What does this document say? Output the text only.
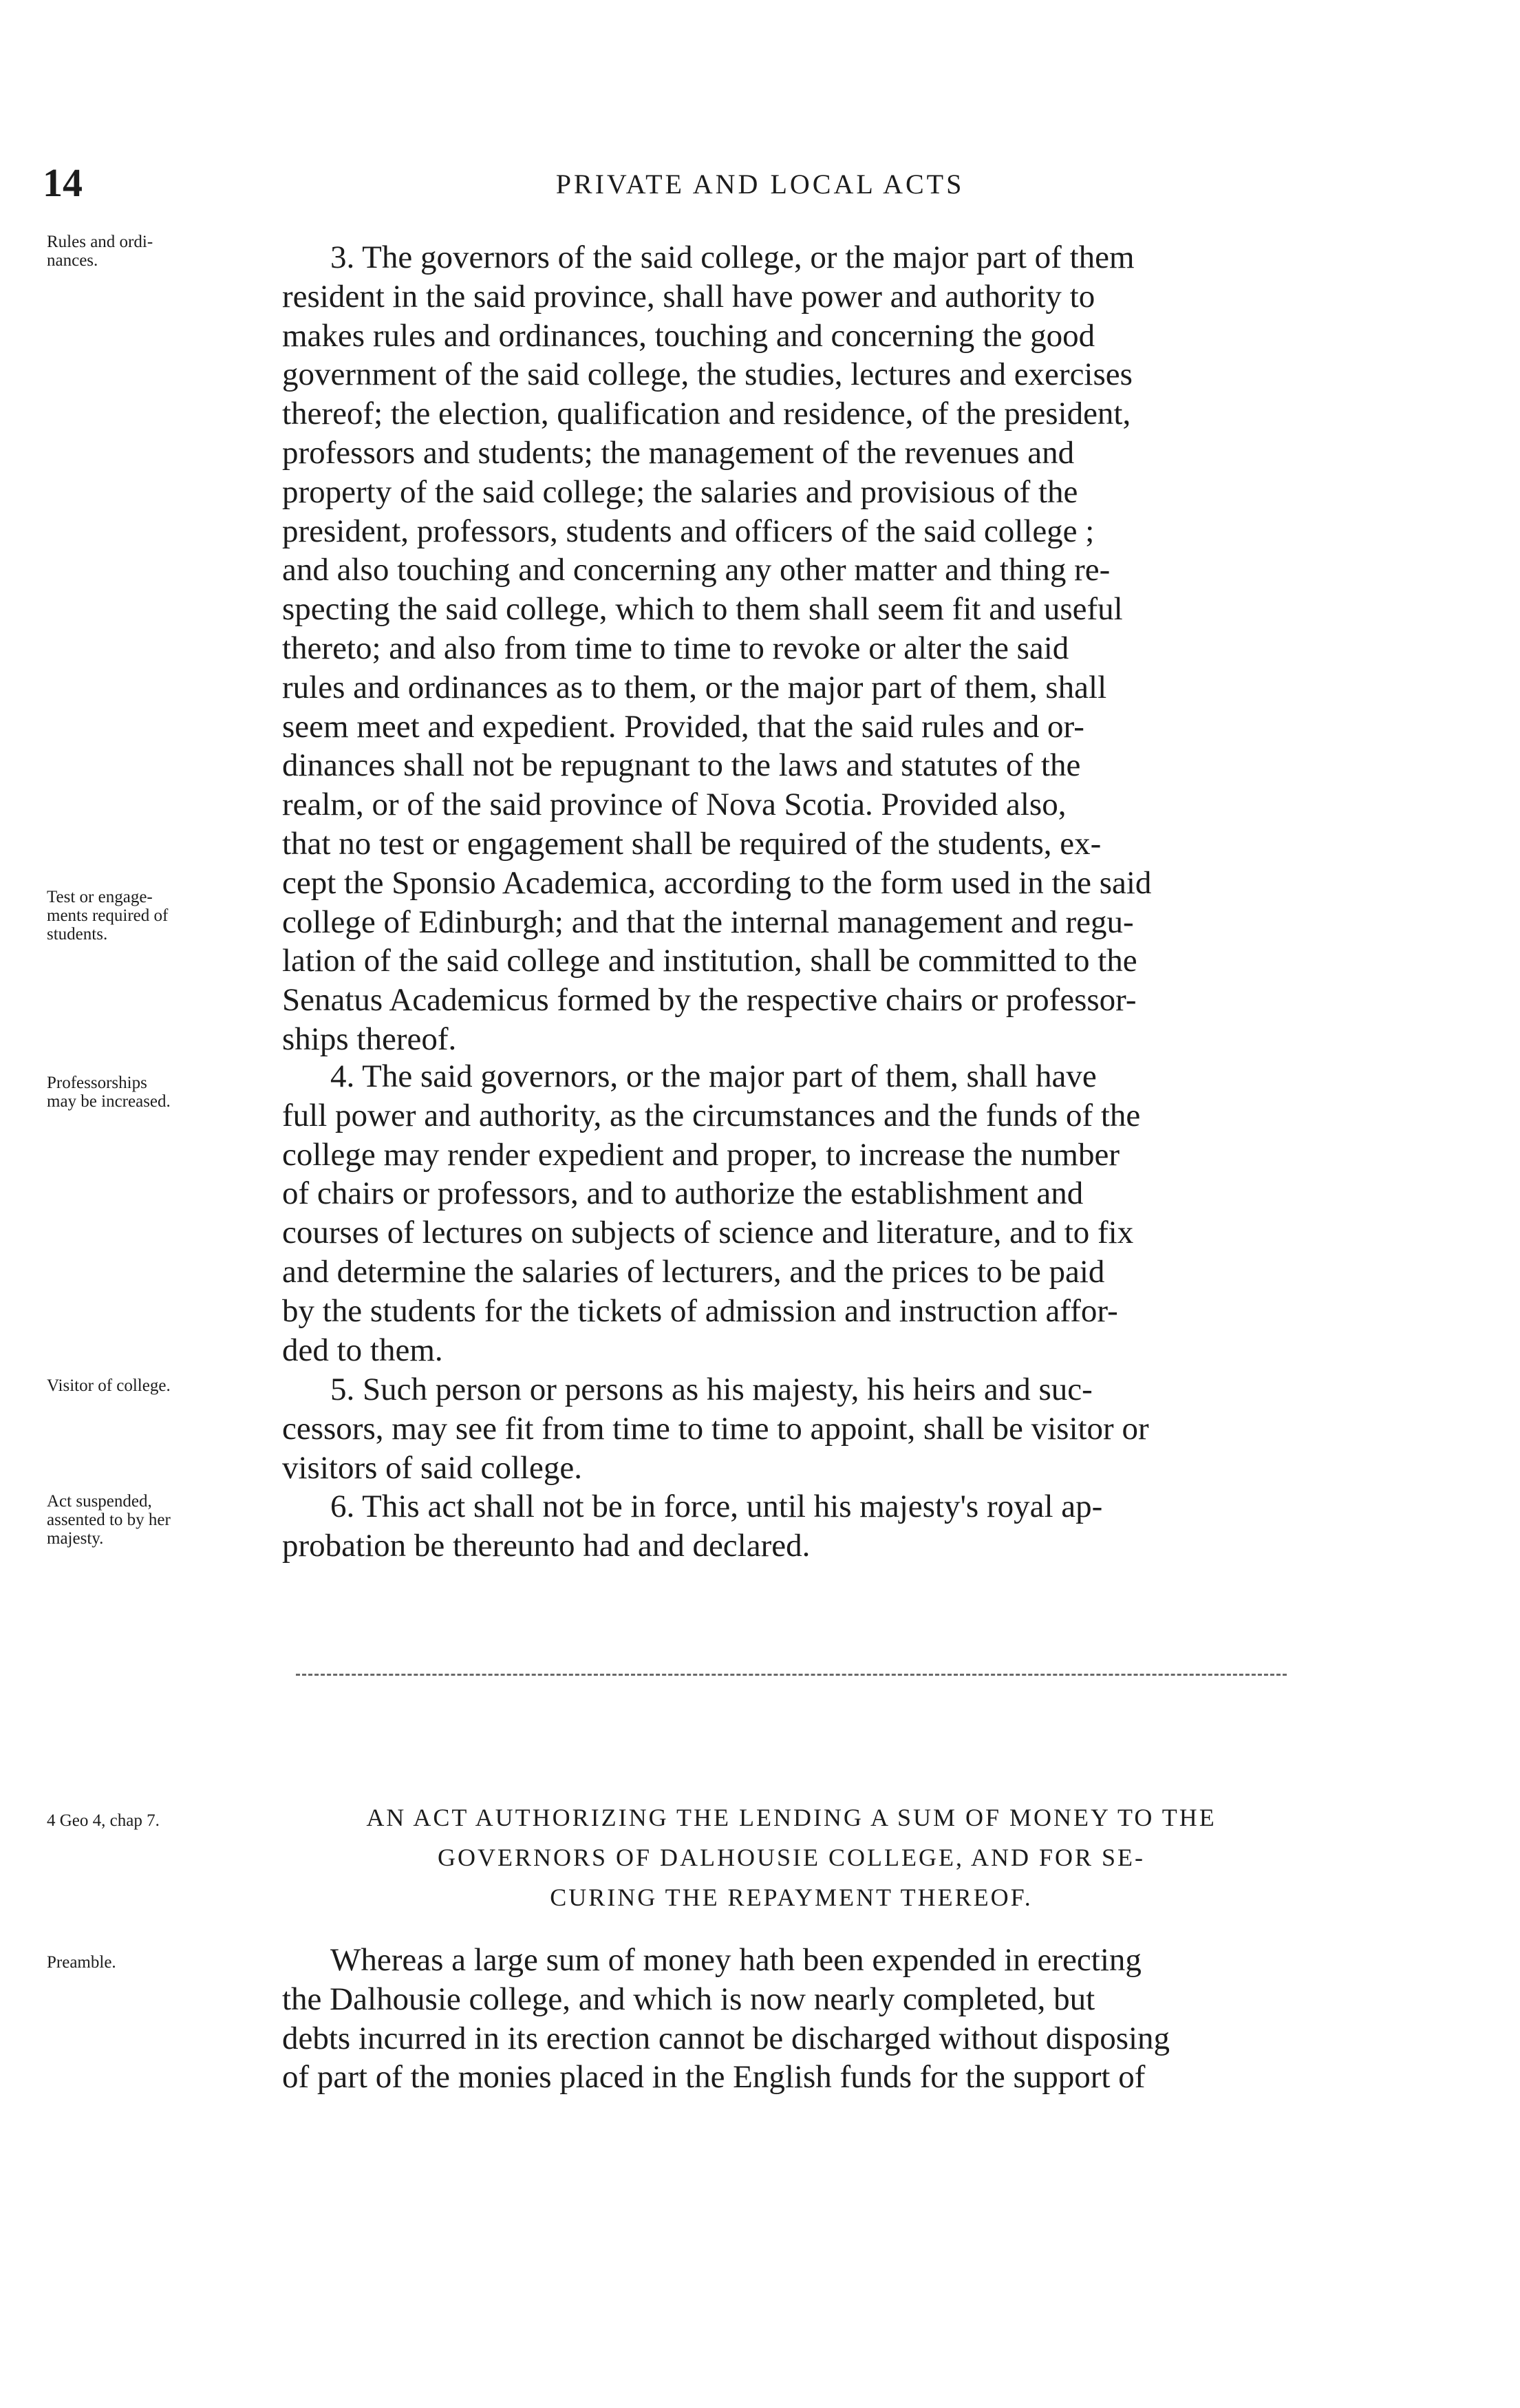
14	PRIVATE AND LOCAL ACTS
Rules and ordi-
nances.
Test or engage-
ments required of
students.
Professorships
may be increased.
Visitor of college.
Act suspended,
assented to by her
majesty.
4 Geo 4, chap 7.
Preamble.
3. The governors of the said college, or the major part of them
resident in the said province, shall have power and authority to
makes rules and ordinances, touching and concerning the good
government of the said college, the studies, lectures and exercises
thereof; the election, qualification and residence, of the president,
professors and students; the management of the revenues and
property of the said college; the salaries and provisious of the
president, professors, students and officers of the said college ;
and also touching and concerning any other matter and thing re-
specting the said college, which to them shall seem fit and useful
thereto; and also from time to time to revoke or alter the said
rules and ordinances as to them, or the major part of them, shall
seem meet and expedient. Provided, that the said rules and or-
dinances shall not be repugnant to the laws and statutes of the
realm, or of the said province of Nova Scotia. Provided also,
that no test or engagement shall be required of the students, ex-
cept the Sponsio Academica, according to the form used in the said
college of Edinburgh; and that the internal management and regu-
lation of the said college and institution, shall be committed to the
Senatus Academicus formed by the respective chairs or professor-
ships thereof.
4. The said governors, or the major part of them, shall have
full power and authority, as the circumstances and the funds of the
college may render expedient and proper, to increase the number
of chairs or professors, and to authorize the establishment and
courses of lectures on subjects of science and literature, and to fix
and determine the salaries of lecturers, and the prices to be paid
by the students for the tickets of admission and instruction affor-
ded to them.
5. Such person or persons as his majesty, his heirs and suc-
cessors, may see fit from time to time to appoint, shall be visitor or
visitors of said college.
6. This act shall not be in force, until his majesty's royal ap-
probation be thereunto had and declared.
AN ACT AUTHORIZING THE LENDING A SUM OF MONEY TO THE
GOVERNORS OF DALHOUSIE COLLEGE, AND FOR SE-
CURING THE REPAYMENT THEREOF.
Whereas a large sum of money hath been expended in erecting
the Dalhousie college, and which is now nearly completed, but
debts incurred in its erection cannot be discharged without disposing
of part of the monies placed in the English funds for the support of
